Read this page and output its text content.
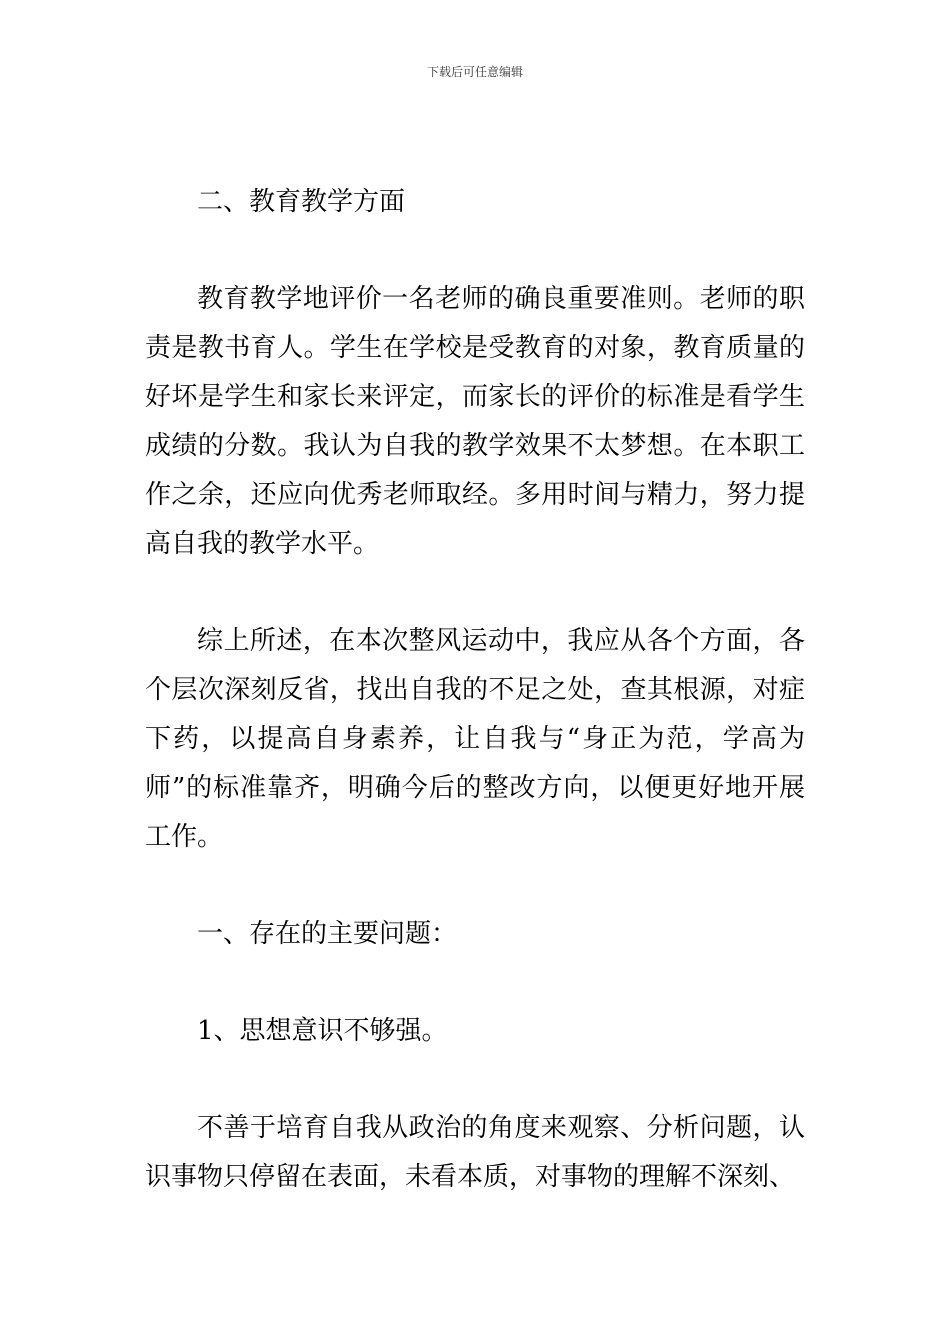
下载后可任意编辑

二、教育教学方面

教育教学地评价一名老师的确良重要准则。老师的职责是教书育人。学生在学校是受教育的对象，教育质量的好坏是学生和家长来评定，而家长的评价的标准是看学生成绩的分数。我认为自我的教学效果不太梦想。在本职工作之余，还应向优秀老师取经。多用时间与精力，努力提高自我的教学水平。

综上所述，在本次整风运动中，我应从各个方面，各个层次深刻反省，找出自我的不足之处，查其根源，对症下药，以提高自身素养，让自我与“身正为范，学高为师”的标准靠齐，明确今后的整改方向，以便更好地开展工作。

一、存在的主要问题：

1、思想意识不够强。

不善于培育自我从政治的角度来观察、分析问题，认识事物只停留在表面，未看本质，对事物的理解不深刻、
